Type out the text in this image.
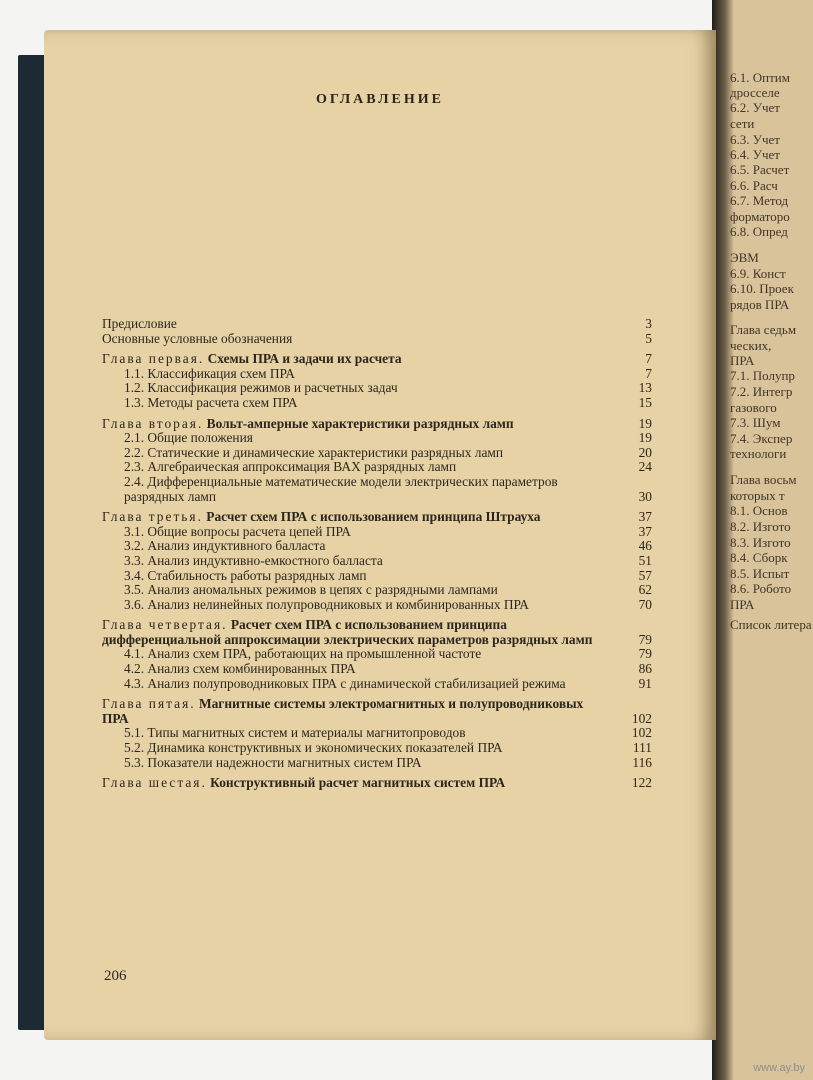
6.1. Оптим
дросселе
6.2. Учет
сети
6.3. Учет
6.4. Учет
6.5. Расчет
6.6. Расч
6.7. Метод
форматоро
6.8. Опред
ЭВМ
6.9. Конст
6.10. Проек
рядов ПРА
Глава седьм
ческих,
ПРА
7.1. Полупр
7.2. Интегр
газового
7.3. Шум
7.4. Экспер
технологи
Глава восьм
которых т
8.1. Основ
8.2. Изгото
8.3. Изгото
8.4. Сборк
8.5. Испыт
8.6. Робото
ПРА
Список литера
ОГЛАВЛЕНИЕ
Предисловие	3
Основные условные обозначения	5
Глава первая. Схемы ПРА и задачи их расчета	7
1.1. Классификация схем ПРА	7
1.2. Классификация режимов и расчетных задач	13
1.3. Методы расчета схем ПРА	15
Глава вторая. Вольт-амперные характеристики разрядных ламп	19
2.1. Общие положения	19
2.2. Статические и динамические характеристики разрядных ламп	20
2.3. Алгебраическая аппроксимация ВАХ разрядных ламп	24
2.4. Дифференциальные математические модели электрических параметров разрядных ламп	30
Глава третья. Расчет схем ПРА с использованием принципа Штрауха	37
3.1. Общие вопросы расчета цепей ПРА	37
3.2. Анализ индуктивного балласта	46
3.3. Анализ индуктивно-емкостного балласта	51
3.4. Стабильность работы разрядных ламп	57
3.5. Анализ аномальных режимов в цепях с разрядными лампами	62
3.6. Анализ нелинейных полупроводниковых и комбинированных ПРА	70
Глава четвертая. Расчет схем ПРА с использованием принципа дифференциальной аппроксимации электрических параметров разрядных ламп	79
4.1. Анализ схем ПРА, работающих на промышленной частоте	79
4.2. Анализ схем комбинированных ПРА	86
4.3. Анализ полупроводниковых ПРА с динамической стабилизацией режима	91
Глава пятая. Магнитные системы электромагнитных и полупроводниковых ПРА	102
5.1. Типы магнитных систем и материалы магнитопроводов	102
5.2. Динамика конструктивных и экономических показателей ПРА	111
5.3. Показатели надежности магнитных систем ПРА	116
Глава шестая. Конструктивный расчет магнитных систем ПРА	122
206
www.ay.by
